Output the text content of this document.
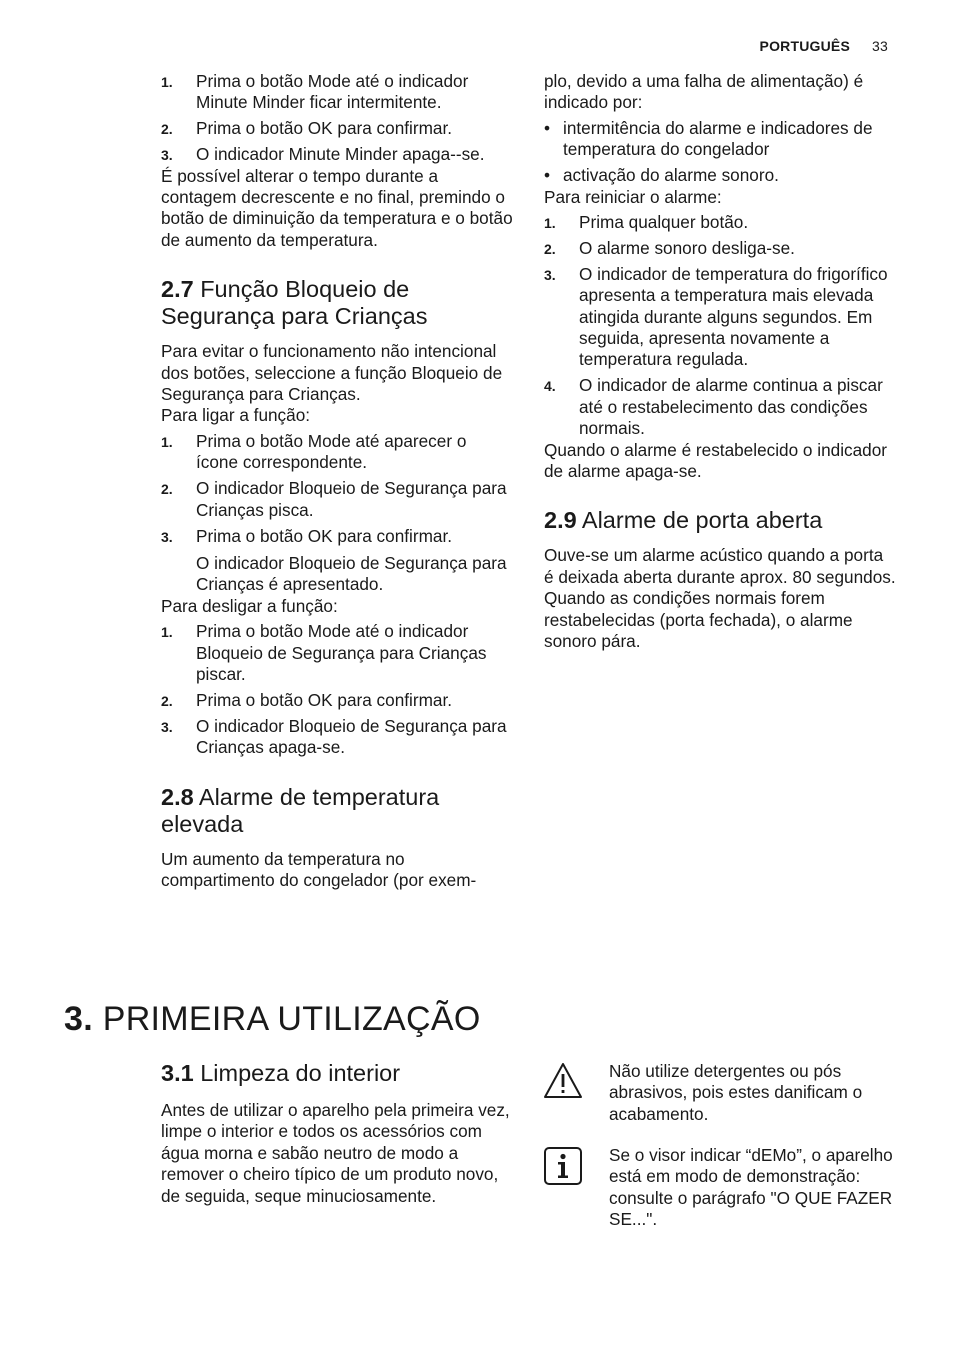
PORTUGUÊS 33
1. Prima o botão Mode até o indicador Minute Minder ficar intermitente.
2. Prima o botão OK para confirmar.
3. O indicador Minute Minder apaga--se.

É possível alterar o tempo durante a contagem decrescente e no final, premindo o botão de diminuição da temperatura e o botão de aumento da temperatura.

2.7 Função Bloqueio de Segurança para Crianças

Para evitar o funcionamento não intencional dos botões, seleccione a função Bloqueio de Segurança para Crianças.

Para ligar a função:

1. Prima o botão Mode até aparecer o ícone correspondente.
2. O indicador Bloqueio de Segurança para Crianças pisca.
3. Prima o botão OK para confirmar.

O indicador Bloqueio de Segurança para Crianças é apresentado.

Para desligar a função:

1. Prima o botão Mode até o indicador Bloqueio de Segurança para Crianças piscar.
2. Prima o botão OK para confirmar.
3. O indicador Bloqueio de Segurança para Crianças apaga-se.
2.8 Alarme de temperatura elevada

Um aumento da temperatura no compartimento do congelador (por exem-

plo, devido a uma falha de alimentação) é indicado por:

• intermitência do alarme e indicadores de temperatura do congelador
• activação do alarme sonoro.

Para reiniciar o alarme:

1. Prima qualquer botão.
2. O alarme sonoro desliga-se.
3. O indicador de temperatura do frigorífico apresenta a temperatura mais elevada atingida durante alguns segundos. Em seguida, apresenta novamente a temperatura regulada.
4. O indicador de alarme continua a piscar até o restabelecimento das condições normais.

Quando o alarme é restabelecido o indicador de alarme apaga-se.

2.9 Alarme de porta aberta

Ouve-se um alarme acústico quando a porta é deixada aberta durante aprox. 80 segundos.

Quando as condições normais forem restabelecidas (porta fechada), o alarme sonoro pára.

3. PRIMEIRA UTILIZAÇÃO
3.1 Limpeza do interior

Antes de utilizar o aparelho pela primeira vez, limpe o interior e todos os acessórios com água morna e sabão neutro de modo a remover o cheiro típico de um produto novo, de seguida, seque minuciosamente.

Não utilize detergentes ou pós abrasivos, pois estes danificam o acabamento.
Se o visor indicar “dEMo”, o aparelho está em modo de demonstração: consulte o parágrafo "O QUE FAZER SE...".
